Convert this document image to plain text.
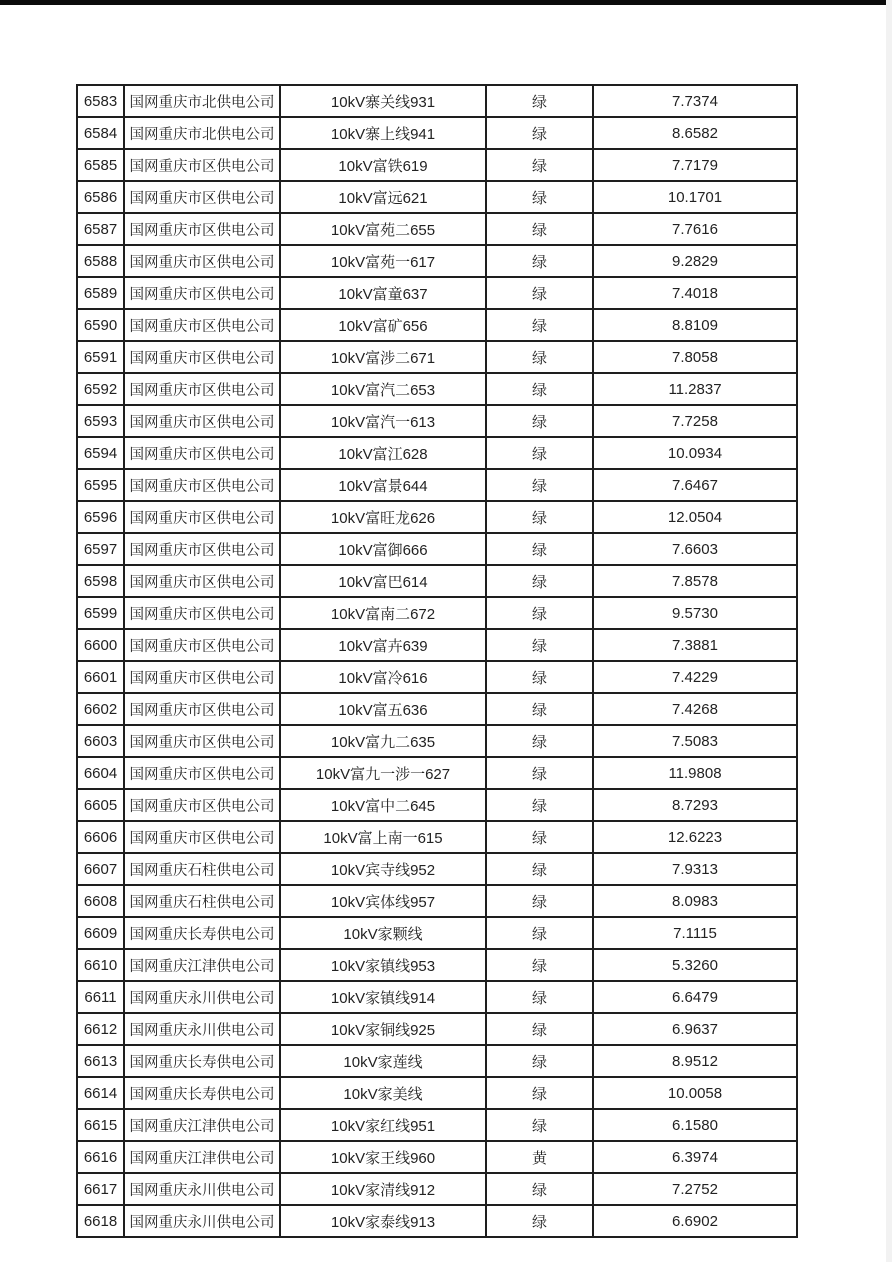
6583	国网重庆市北供电公司	10kV寨关线931	绿	7.7374
6584	国网重庆市北供电公司	10kV寨上线941	绿	8.6582
6585	国网重庆市区供电公司	10kV富铁619	绿	7.7179
6586	国网重庆市区供电公司	10kV富远621	绿	10.1701
6587	国网重庆市区供电公司	10kV富苑二655	绿	7.7616
6588	国网重庆市区供电公司	10kV富苑一617	绿	9.2829
6589	国网重庆市区供电公司	10kV富童637	绿	7.4018
6590	国网重庆市区供电公司	10kV富矿656	绿	8.8109
6591	国网重庆市区供电公司	10kV富涉二671	绿	7.8058
6592	国网重庆市区供电公司	10kV富汽二653	绿	11.2837
6593	国网重庆市区供电公司	10kV富汽一613	绿	7.7258
6594	国网重庆市区供电公司	10kV富江628	绿	10.0934
6595	国网重庆市区供电公司	10kV富景644	绿	7.6467
6596	国网重庆市区供电公司	10kV富旺龙626	绿	12.0504
6597	国网重庆市区供电公司	10kV富御666	绿	7.6603
6598	国网重庆市区供电公司	10kV富巴614	绿	7.8578
6599	国网重庆市区供电公司	10kV富南二672	绿	9.5730
6600	国网重庆市区供电公司	10kV富卉639	绿	7.3881
6601	国网重庆市区供电公司	10kV富冷616	绿	7.4229
6602	国网重庆市区供电公司	10kV富五636	绿	7.4268
6603	国网重庆市区供电公司	10kV富九二635	绿	7.5083
6604	国网重庆市区供电公司	10kV富九一涉一627	绿	11.9808
6605	国网重庆市区供电公司	10kV富中二645	绿	8.7293
6606	国网重庆市区供电公司	10kV富上南一615	绿	12.6223
6607	国网重庆石柱供电公司	10kV宾寺线952	绿	7.9313
6608	国网重庆石柱供电公司	10kV宾体线957	绿	8.0983
6609	国网重庆长寿供电公司	10kV家颗线	绿	7.1115
6610	国网重庆江津供电公司	10kV家镇线953	绿	5.3260
6611	国网重庆永川供电公司	10kV家镇线914	绿	6.6479
6612	国网重庆永川供电公司	10kV家铜线925	绿	6.9637
6613	国网重庆长寿供电公司	10kV家莲线	绿	8.9512
6614	国网重庆长寿供电公司	10kV家美线	绿	10.0058
6615	国网重庆江津供电公司	10kV家红线951	绿	6.1580
6616	国网重庆江津供电公司	10kV家王线960	黄	6.3974
6617	国网重庆永川供电公司	10kV家清线912	绿	7.2752
6618	国网重庆永川供电公司	10kV家泰线913	绿	6.6902
